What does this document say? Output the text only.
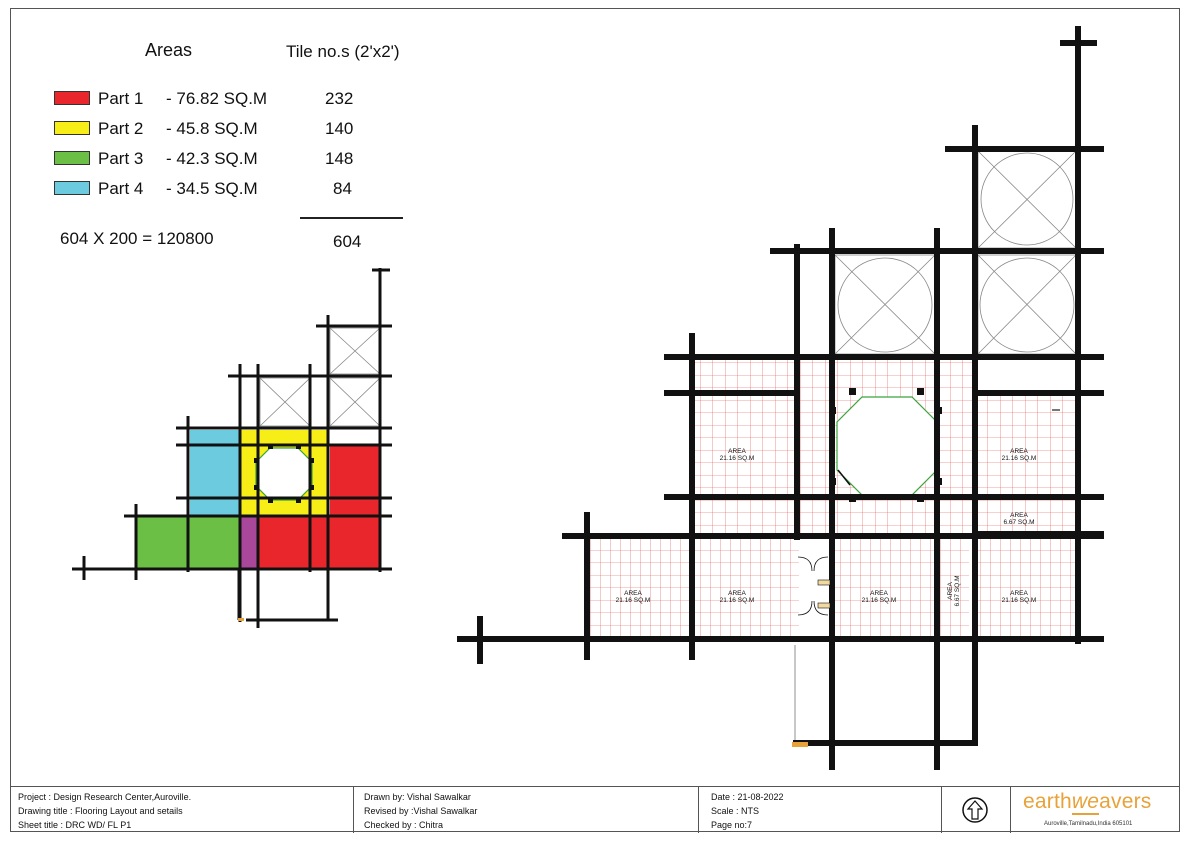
Areas	Tile no.s (2'x2')
Part 1 - 76.82 SQ.M	232
Part 2 - 45.8 SQ.M	140
Part 3 - 42.3 SQ.M	148
Part 4 - 34.5 SQ.M	84
604 X 200 = 120800	604
AREA
21.16 SQ.M
AREA
21.16 SQ.M
AREA
6.67 SQ.M
AREA
21.16 SQ.M
AREA
21.16 SQ.M
AREA
21.16 SQ.M
AREA
21.16 SQ.M
AREA 6.67 SQ.M
Project : Design Research Center,Auroville.
Drawing title : Flooring Layout and setails
Sheet title : DRC WD/ FL P1
Drawn by: Vishal Sawalkar
Revised by :Vishal Sawalkar
Checked by : Chitra
Date : 21-08-2022
Scale : NTS
Page no:7
earthweavers
Auroville,Tamilnadu,India 605101
